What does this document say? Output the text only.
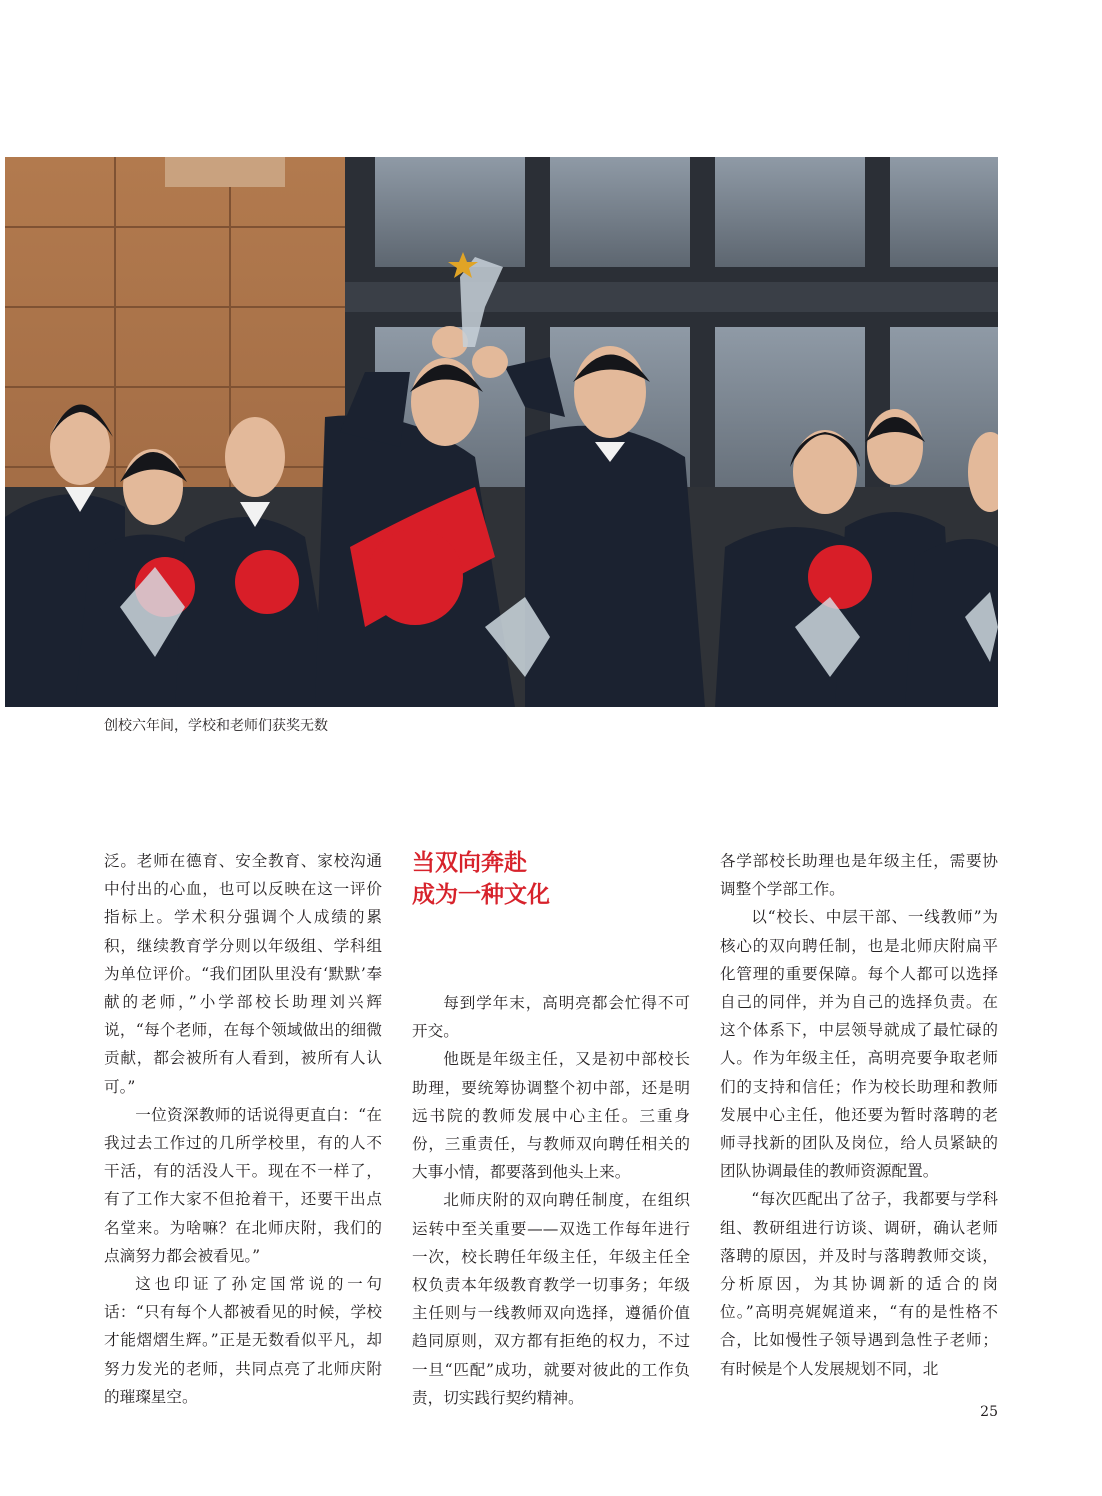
创校六年间，学校和老师们获奖无数

泛。老师在德育、安全教育、家校沟通中付出的心血，也可以反映在这一评价指标上。学术积分强调个人成绩的累积，继续教育学分则以年级组、学科组为单位评价。“我们团队里没有‘默默’奉献的老师，”小学部校长助理刘兴辉说，“每个老师，在每个领域做出的细微贡献，都会被所有人看到，被所有人认可。”

一位资深教师的话说得更直白：“在我过去工作过的几所学校里，有的人不干活，有的活没人干。现在不一样了，有了工作大家不但抢着干，还要干出点名堂来。为啥嘛？在北师庆附，我们的点滴努力都会被看见。”

这也印证了孙定国常说的一句话：“只有每个人都被看见的时候，学校才能熠熠生辉。”正是无数看似平凡，却努力发光的老师，共同点亮了北师庆附的璀璨星空。

当双向奔赴
成为一种文化

每到学年末，高明亮都会忙得不可开交。

他既是年级主任，又是初中部校长助理，要统筹协调整个初中部，还是明远书院的教师发展中心主任。三重身份，三重责任，与教师双向聘任相关的大事小情，都要落到他头上来。

北师庆附的双向聘任制度，在组织运转中至关重要——双选工作每年进行一次，校长聘任年级主任，年级主任全权负责本年级教育教学一切事务；年级主任则与一线教师双向选择，遵循价值趋同原则，双方都有拒绝的权力，不过一旦“匹配”成功，就要对彼此的工作负责，切实践行契约精神。

各学部校长助理也是年级主任，需要协调整个学部工作。

以“校长、中层干部、一线教师”为核心的双向聘任制，也是北师庆附扁平化管理的重要保障。每个人都可以选择自己的同伴，并为自己的选择负责。在这个体系下，中层领导就成了最忙碌的人。作为年级主任，高明亮要争取老师们的支持和信任；作为校长助理和教师发展中心主任，他还要为暂时落聘的老师寻找新的团队及岗位，给人员紧缺的团队协调最佳的教师资源配置。

“每次匹配出了岔子，我都要与学科组、教研组进行访谈、调研，确认老师落聘的原因，并及时与落聘教师交谈，分析原因，为其协调新的适合的岗位。”高明亮娓娓道来，“有的是性格不合，比如慢性子领导遇到急性子老师；有时候是个人发展规划不同，北

25
